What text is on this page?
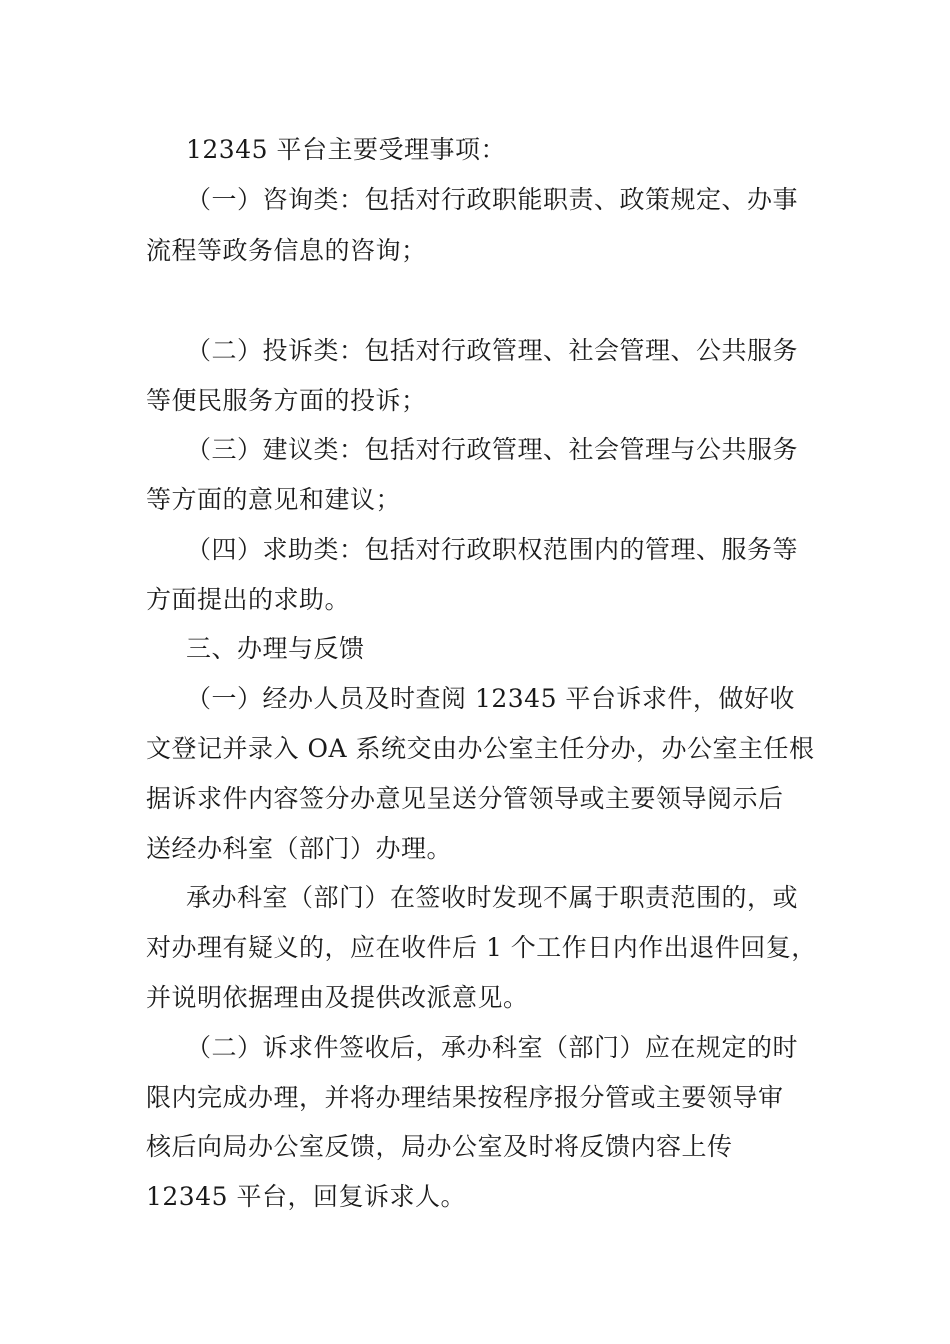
12345 平台主要受理事项：
（一）咨询类：包括对行政职能职责、政策规定、办事
流程等政务信息的咨询；
（二）投诉类：包括对行政管理、社会管理、公共服务
等便民服务方面的投诉；
（三）建议类：包括对行政管理、社会管理与公共服务
等方面的意见和建议；
（四）求助类：包括对行政职权范围内的管理、服务等
方面提出的求助。
三、办理与反馈
（一）经办人员及时查阅 12345 平台诉求件，做好收
文登记并录入 OA 系统交由办公室主任分办，办公室主任根
据诉求件内容签分办意见呈送分管领导或主要领导阅示后
送经办科室（部门）办理。
承办科室（部门）在签收时发现不属于职责范围的，或
对办理有疑义的，应在收件后 1 个工作日内作出退件回复，
并说明依据理由及提供改派意见。
（二）诉求件签收后，承办科室（部门）应在规定的时
限内完成办理，并将办理结果按程序报分管或主要领导审
核后向局办公室反馈，局办公室及时将反馈内容上传
12345 平台，回复诉求人。
